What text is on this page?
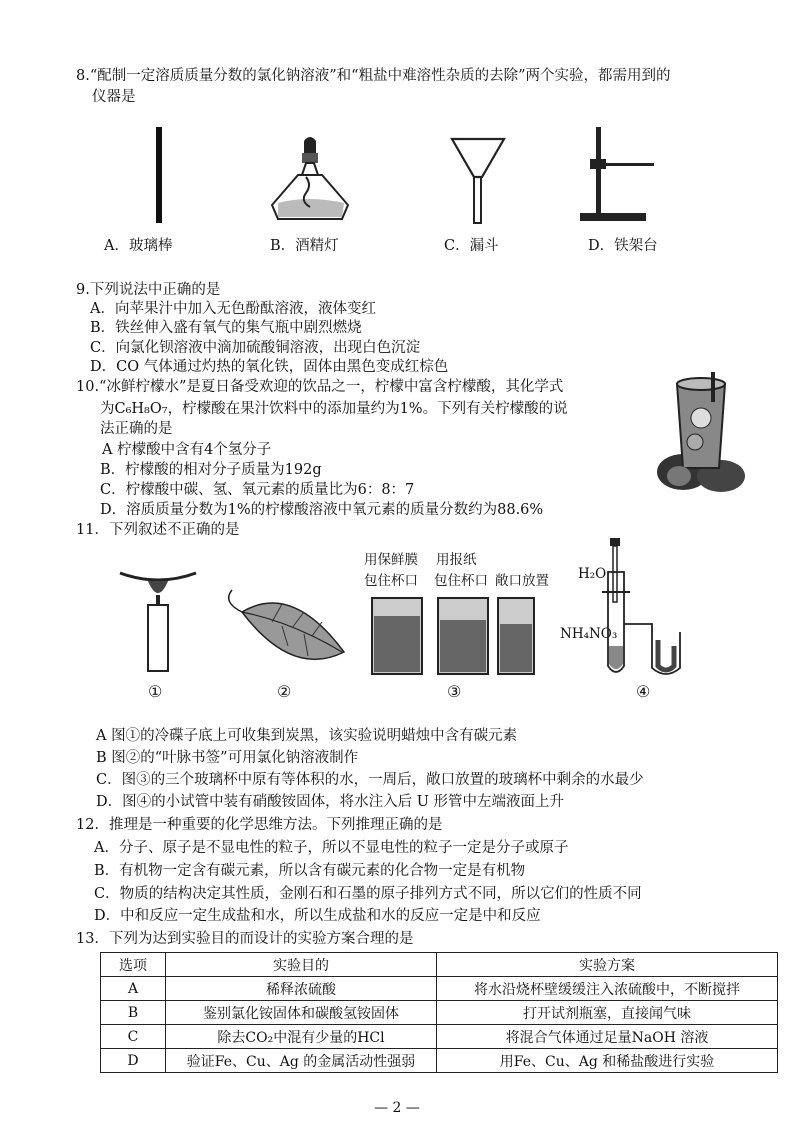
8.“配制一定溶质质量分数的氯化钠溶液”和“粗盐中难溶性杂质的去除”两个实验，都需用到的
仪器是
A．玻璃棒	B．酒精灯	C．漏斗	D．铁架台
9.下列说法中正确的是
A．向苹果汁中加入无色酚酞溶液，液体变红
B．铁丝伸入盛有氧气的集气瓶中剧烈燃烧
C．向氯化钡溶液中滴加硫酸铜溶液，出现白色沉淀
D．CO 气体通过灼热的氧化铁，固体由黑色变成红棕色
10.“冰鲜柠檬水”是夏日备受欢迎的饮品之一，柠檬中富含柠檬酸，其化学式
为C₆H₈O₇，柠檬酸在果汁饮料中的添加量约为1%。下列有关柠檬酸的说
法正确的是
A 柠檬酸中含有4个氢分子
B．柠檬酸的相对分子质量为192g
C．柠檬酸中碳、氢、氧元素的质量比为6：8：7
D．溶质质量分数为1%的柠檬酸溶液中氧元素的质量分数约为88.6%
11．下列叙述不正确的是
用保鲜膜
包住杯口
用报纸
包住杯口 敞口放置 H₂O
NH₄NO₃
①	②	③	④
A 图①的冷碟子底上可收集到炭黑，该实验说明蜡烛中含有碳元素
B 图②的“叶脉书签”可用氯化钠溶液制作
C．图③的三个玻璃杯中原有等体积的水，一周后，敞口放置的玻璃杯中剩余的水最少
D．图④的小试管中装有硝酸铵固体，将水注入后 U 形管中左端液面上升
12．推理是一种重要的化学思维方法。下列推理正确的是
A．分子、原子是不显电性的粒子，所以不显电性的粒子一定是分子或原子
B．有机物一定含有碳元素，所以含有碳元素的化合物一定是有机物
C．物质的结构决定其性质，金刚石和石墨的原子排列方式不同，所以它们的性质不同
D．中和反应一定生成盐和水，所以生成盐和水的反应一定是中和反应
13．下列为达到实验目的而设计的实验方案合理的是
选项	实验目的	实验方案
A	稀释浓硫酸	将水沿烧杯壁缓缓注入浓硫酸中，不断搅拌
B	鉴别氯化铵固体和碳酸氢铵固体	打开试剂瓶塞，直接闻气味
C	除去CO₂中混有少量的HCl	将混合气体通过足量NaOH 溶液
D	验证Fe、Cu、Ag 的金属活动性强弱	用Fe、Cu、Ag 和稀盐酸进行实验
— 2 —
